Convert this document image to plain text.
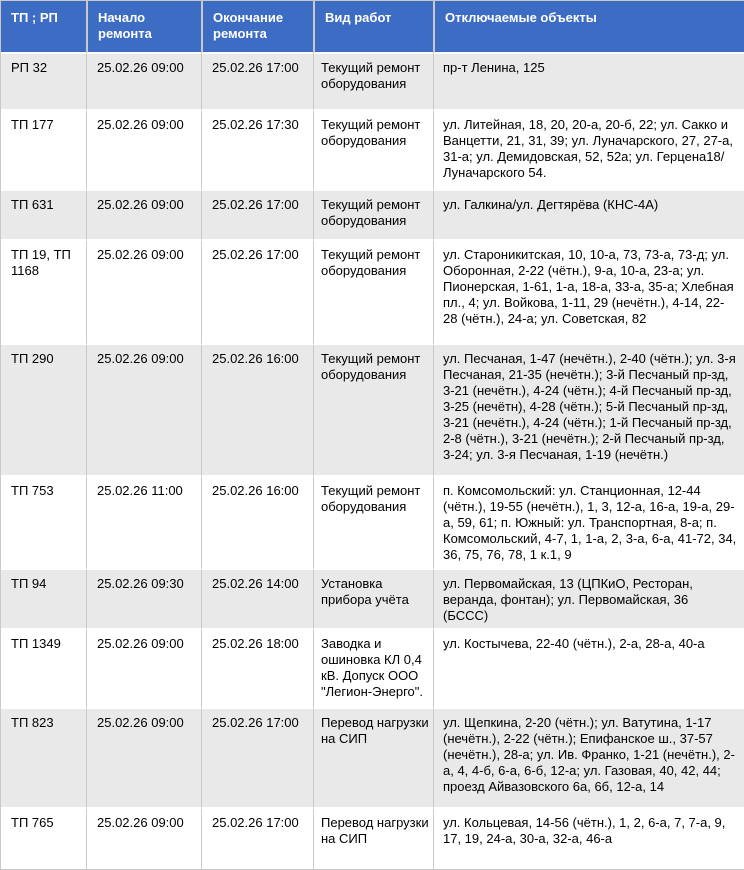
ТП ; РП	Начало ремонта	Окончание ремонта	Вид работ	Отключаемые объекты
РП 32	25.02.26 09:00	25.02.26 17:00	Текущий ремонт оборудования	пр-т Ленина, 125
ТП 177	25.02.26 09:00	25.02.26 17:30	Текущий ремонт оборудования	ул. Литейная, 18, 20, 20-а, 20-б, 22; ул. Сакко и Ванцетти, 21, 31, 39; ул. Луначарского, 27, 27-а, 31-а; ул. Демидовская, 52, 52а; ул. Герцена18/Луначарского 54.
ТП 631	25.02.26 09:00	25.02.26 17:00	Текущий ремонт оборудования	ул. Галкина/ул. Дегтярёва (КНС-4А)
ТП 19, ТП 1168	25.02.26 09:00	25.02.26 17:00	Текущий ремонт оборудования	ул. Староникитская, 10, 10-а, 73, 73-а, 73-д; ул. Оборонная, 2-22 (чётн.), 9-а, 10-а, 23-а; ул. Пионерская, 1-61, 1-а, 18-а, 33-а, 35-а; Хлебная пл., 4; ул. Войкова, 1-11, 29 (нечётн.), 4-14, 22-28 (чётн.), 24-а; ул. Советская, 82
ТП 290	25.02.26 09:00	25.02.26 16:00	Текущий ремонт оборудования	ул. Песчаная, 1-47 (нечётн.), 2-40 (чётн.); ул. 3-я Песчаная, 21-35 (нечётн.); 3-й Песчаный пр-зд, 3-21 (нечётн.), 4-24 (чётн.); 4-й Песчаный пр-зд, 3-25 (нечётн), 4-28 (чётн.); 5-й Песчаный пр-зд, 3-21 (нечётн.), 4-24 (чётн.); 1-й Песчаный пр-зд, 2-8 (чётн.), 3-21 (нечётн.); 2-й Песчаный пр-зд, 3-24; ул. 3-я Песчаная, 1-19 (нечётн.)
ТП 753	25.02.26 11:00	25.02.26 16:00	Текущий ремонт оборудования	п. Комсомольский: ул. Станционная, 12-44 (чётн.), 19-55 (нечётн.), 1, 3, 12-а, 16-а, 19-а, 29-а, 59, 61; п. Южный: ул. Транспортная, 8-а; п. Комсомольский, 4-7, 1, 1-а, 2, 3-а, 6-а, 41-72, 34, 36, 75, 76, 78, 1 к.1, 9
ТП 94	25.02.26 09:30	25.02.26 14:00	Установка прибора учёта	ул. Первомайская, 13 (ЦПКиО, Ресторан, веранда, фонтан); ул. Первомайская, 36 (БССС)
ТП 1349	25.02.26 09:00	25.02.26 18:00	Заводка и ошиновка КЛ 0,4 кВ. Допуск ООО "Легион-Энерго".	ул. Костычева, 22-40 (чётн.), 2-а, 28-а, 40-а
ТП 823	25.02.26 09:00	25.02.26 17:00	Перевод нагрузки на СИП	ул. Щепкина, 2-20 (чётн.); ул. Ватутина, 1-17 (нечётн.), 2-22 (чётн.); Епифанское ш., 37-57 (нечётн.), 28-а; ул. Ив. Франко, 1-21 (нечётн.), 2-а, 4, 4-б, 6-а, 6-б, 12-а; ул. Газовая, 40, 42, 44; проезд Айвазовского 6а, 6б, 12-а, 14
ТП 765	25.02.26 09:00	25.02.26 17:00	Перевод нагрузки на СИП	ул. Кольцевая, 14-56 (чётн.), 1, 2, 6-а, 7, 7-а, 9, 17, 19, 24-а, 30-а, 32-а, 46-а
